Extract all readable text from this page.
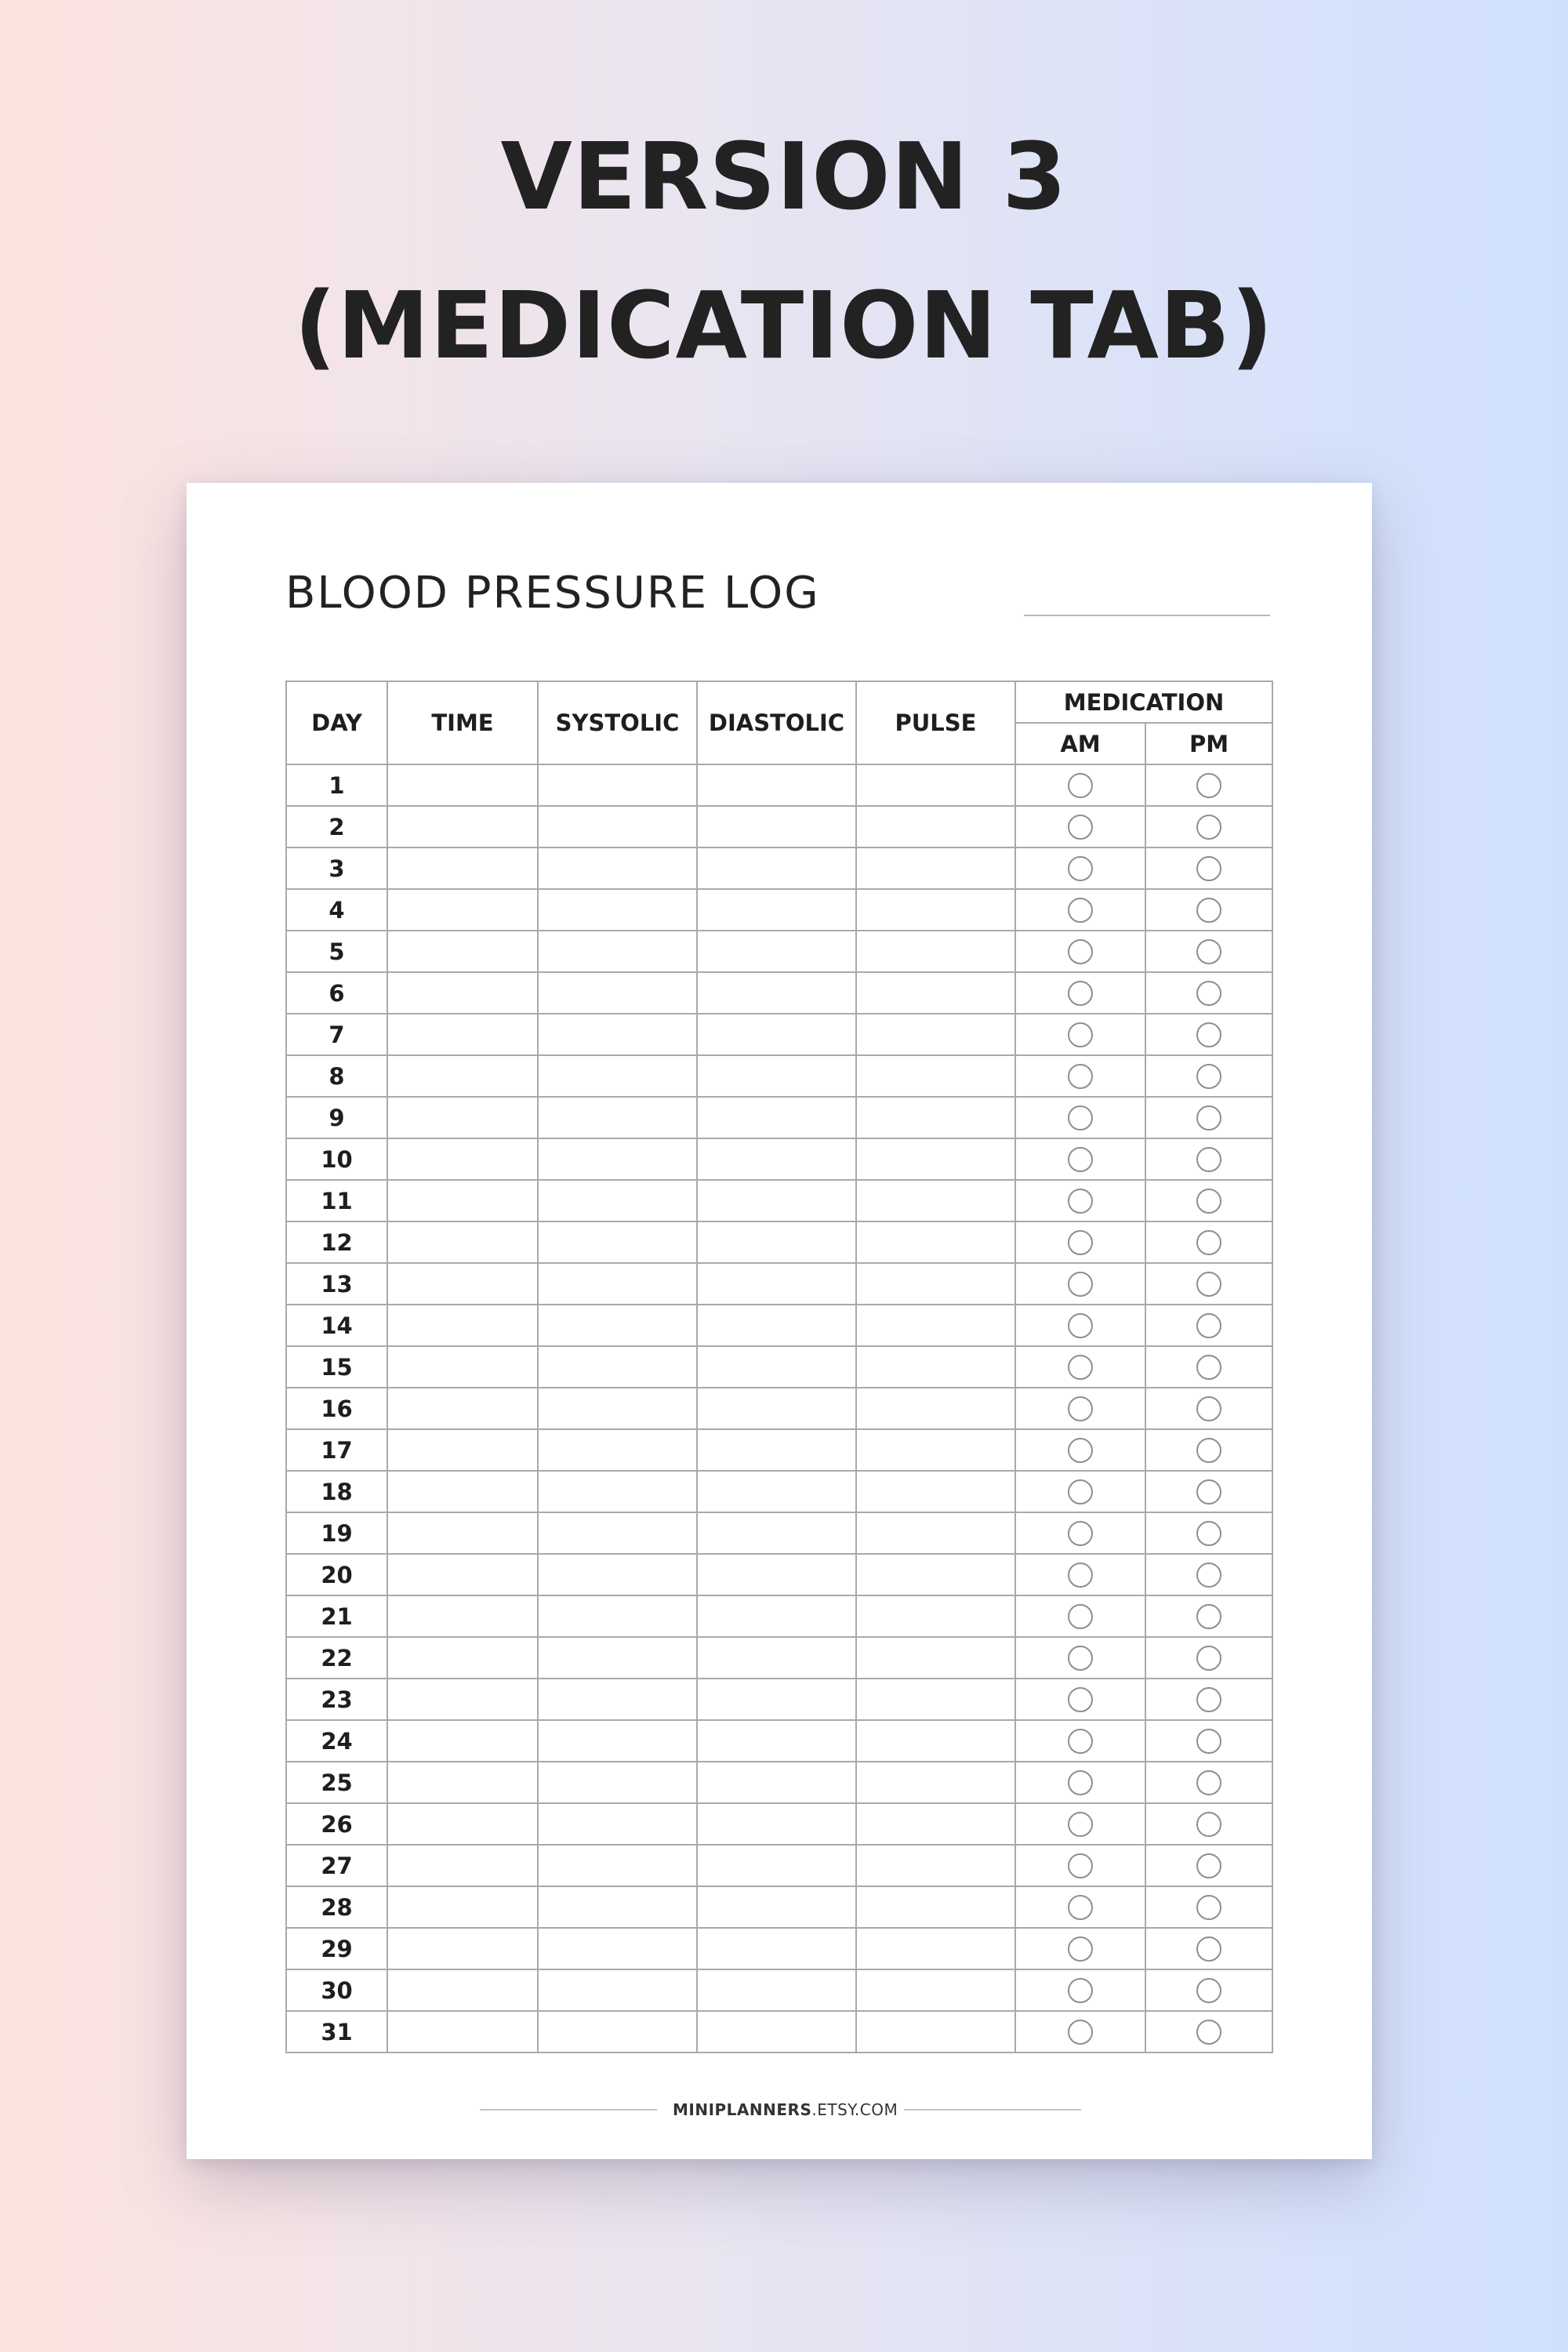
VERSION 3
(MEDICATION TAB)
BLOOD PRESSURE LOG
DAY	TIME	SYSTOLIC	DIASTOLIC	PULSE	MEDICATION	
					AM	PM
1						
2						
3						
4						
5						
6						
7						
8						
9						
10						
11						
12						
13						
14						
15						
16						
17						
18						
19						
20						
21						
22						
23						
24						
25						
26						
27						
28						
29						
30						
31						
MINIPLANNERS.ETSY.COM
